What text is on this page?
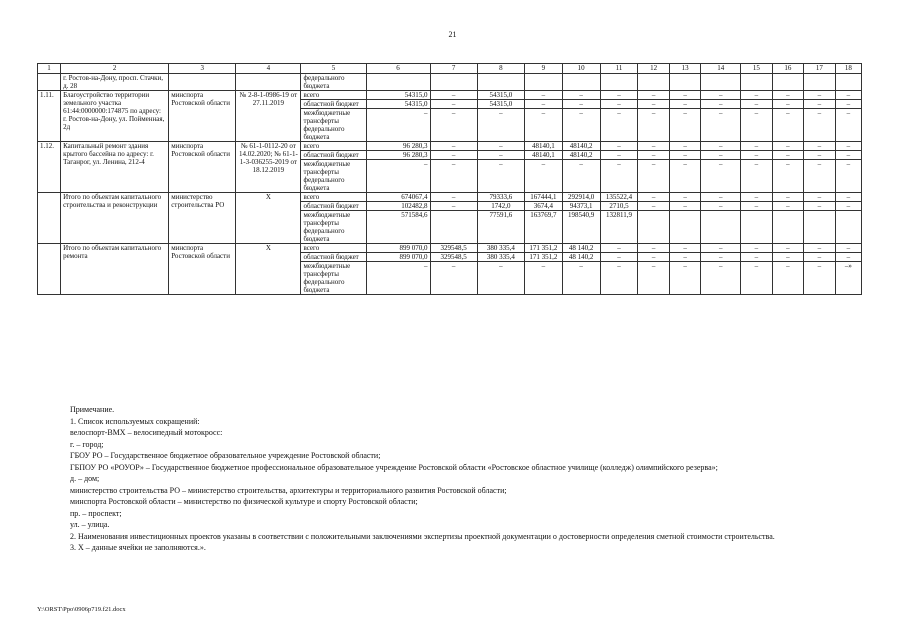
21
1	2	3	4	5	6	7	8	9	10	11	12	13	14	15	16	17	18
	г. Ростов-на-Дону, просп. Стачки, д. 28			федерального бюджета													
1.11.	Благоустройство территории земельного участка 61:44:0000000:174875 по адресу: г. Ростов-на-Дону, ул. Пойменная, 2д	минспорта Ростовской области	№ 2-8-1-0986-19 от 27.11.2019	всего	54315,0	–	54315,0	–	–	–	–	–	–	–	–	–	–
				областной бюджет	54315,0	–	54315,0	–	–	–	–	–	–	–	–	–	–
				межбюджетные трансферты федерального бюджета	–	–	–	–	–	–	–	–	–	–	–	–	–
1.12.	Капитальный ремонт здания крытого бассейна по адресу: г. Таганрог, ул. Ленина, 212-4	минспорта Ростовской области	№ 61-1-0112-20 от 14.02.2020; № 61-1-1-3-036255-2019 от 18.12.2019	всего	96 280,3	–	–	48140,1	48140,2	–	–	–	–	–	–	–	–
				областной бюджет	96 280,3	–	–	48140,1	48140,2	–	–	–	–	–	–	–	–
				межбюджетные трансферты федерального бюджета	–	–	–	–	–	–	–	–	–	–	–	–	–
	Итого по объектам капитального строительства и реконструкции	министерство строительства РО	Х	всего	674067,4	–	79333,6	167444,1	292914,0	135522,4	–	–	–	–	–	–	–
				областной бюджет	102482,8	–	1742,0	3674,4	94373,1	2710,5	–	–	–	–	–	–	–
				межбюджетные трансферты федерального бюджета	571584,6		77591,6	163769,7	198540,9	132811,9							
	Итого по объектам капитального ремонта	минспорта Ростовской области	Х	всего	899 070,0	329548,5	380 335,4	171 351,2	48 140,2	–	–	–	–	–	–	–	–
				областной бюджет	899 070,0	329548,5	380 335,4	171 351,2	48 140,2	–	–	–	–	–	–	–	–
				межбюджетные трансферты федерального бюджета	–	–	–	–	–	–	–	–	–	–	–	–	–»

Примечание.

1. Список используемых сокращений:

велоспорт-ВМХ – велосипедный мотокросс:

г. – город;

ГБОУ РО – Государственное бюджетное образовательное учреждение Ростовской области;

ГБПОУ РО «РОУОР» – Государственное бюджетное профессиональное образовательное учреждение Ростовской области «Ростовское областное училище (колледж) олимпийского резерва»;

д. – дом;

министерство строительства РО – министерство строительства, архитектуры и территориального развития Ростовской области;

минспорта Ростовской области – министерство по физической культуре и спорту Ростовской области;

пр. – проспект;

ул. – улица.

2. Наименования инвестиционных проектов указаны в соответствии с положительными заключениями экспертизы проектной документации о достоверности определения сметной стоимости строительства.

3. Х – данные ячейки не заполняются.».

Y:\ORST\Ppo\0906p719.f21.docx
